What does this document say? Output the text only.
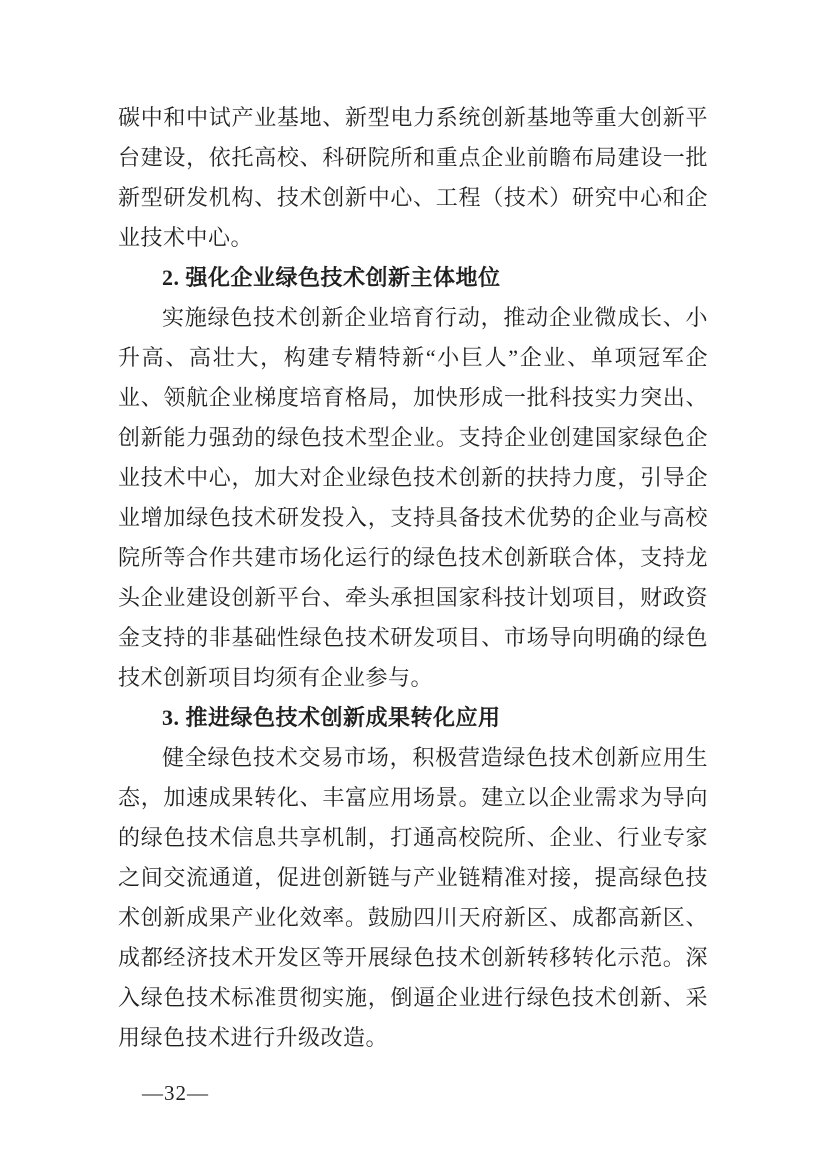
碳中和中试产业基地、新型电力系统创新基地等重大创新平台建设，依托高校、科研院所和重点企业前瞻布局建设一批新型研发机构、技术创新中心、工程（技术）研究中心和企业技术中心。

2. 强化企业绿色技术创新主体地位

实施绿色技术创新企业培育行动，推动企业微成长、小升高、高壮大，构建专精特新“小巨人”企业、单项冠军企业、领航企业梯度培育格局，加快形成一批科技实力突出、创新能力强劲的绿色技术型企业。支持企业创建国家绿色企业技术中心，加大对企业绿色技术创新的扶持力度，引导企业增加绿色技术研发投入，支持具备技术优势的企业与高校院所等合作共建市场化运行的绿色技术创新联合体，支持龙头企业建设创新平台、牵头承担国家科技计划项目，财政资金支持的非基础性绿色技术研发项目、市场导向明确的绿色技术创新项目均须有企业参与。

3. 推进绿色技术创新成果转化应用

健全绿色技术交易市场，积极营造绿色技术创新应用生态，加速成果转化、丰富应用场景。建立以企业需求为导向的绿色技术信息共享机制，打通高校院所、企业、行业专家之间交流通道，促进创新链与产业链精准对接，提高绿色技术创新成果产业化效率。鼓励四川天府新区、成都高新区、成都经济技术开发区等开展绿色技术创新转移转化示范。深入绿色技术标准贯彻实施，倒逼企业进行绿色技术创新、采用绿色技术进行升级改造。

—32—
